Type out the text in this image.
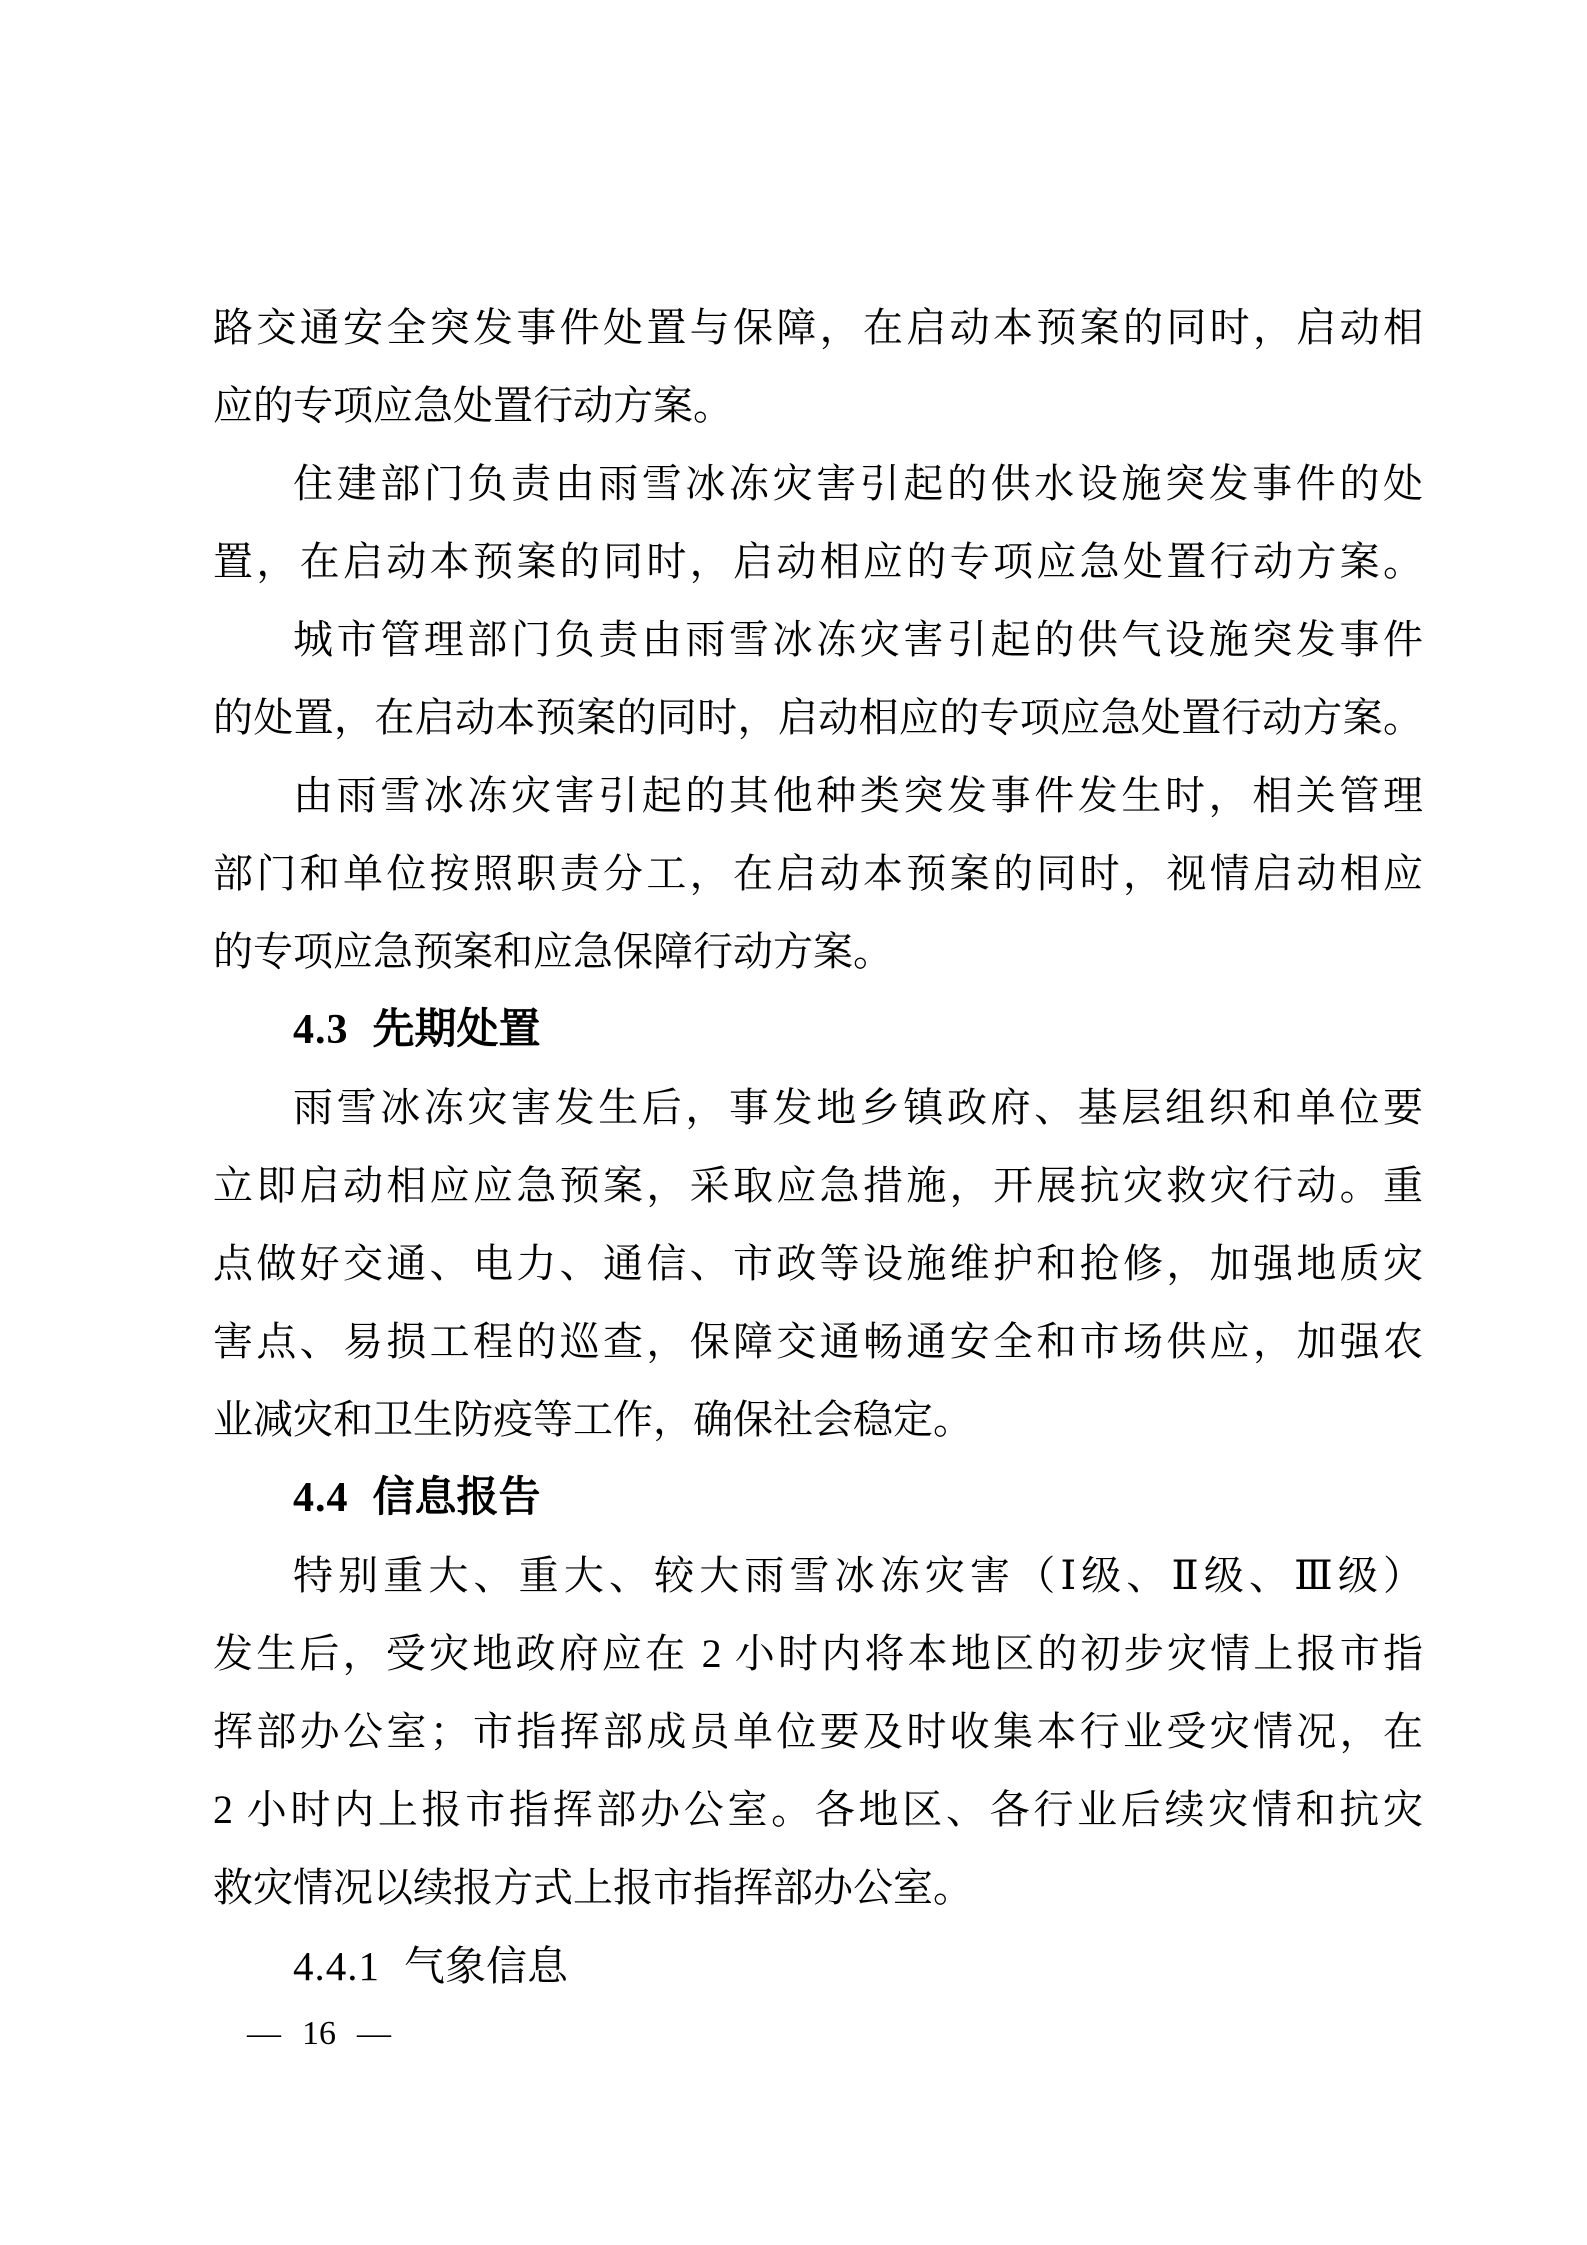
路交通安全突发事件处置与保障，在启动本预案的同时，启动相
应的专项应急处置行动方案。
住建部门负责由雨雪冰冻灾害引起的供水设施突发事件的处
置，在启动本预案的同时，启动相应的专项应急处置行动方案。
城市管理部门负责由雨雪冰冻灾害引起的供气设施突发事件
的处置，在启动本预案的同时，启动相应的专项应急处置行动方案。
由雨雪冰冻灾害引起的其他种类突发事件发生时，相关管理
部门和单位按照职责分工，在启动本预案的同时，视情启动相应
的专项应急预案和应急保障行动方案。
4.3 先期处置
雨雪冰冻灾害发生后，事发地乡镇政府、基层组织和单位要
立即启动相应应急预案，采取应急措施，开展抗灾救灾行动。重
点做好交通、电力、通信、市政等设施维护和抢修，加强地质灾
害点、易损工程的巡查，保障交通畅通安全和市场供应，加强农
业减灾和卫生防疫等工作，确保社会稳定。
4.4 信息报告
特别重大、重大、较大雨雪冰冻灾害（Ⅰ级、Ⅱ级、Ⅲ级）
发生后，受灾地政府应在 2 小时内将本地区的初步灾情上报市指
挥部办公室；市指挥部成员单位要及时收集本行业受灾情况，在
2 小时内上报市指挥部办公室。各地区、各行业后续灾情和抗灾
救灾情况以续报方式上报市指挥部办公室。
4.4.1 气象信息
— 16 —
